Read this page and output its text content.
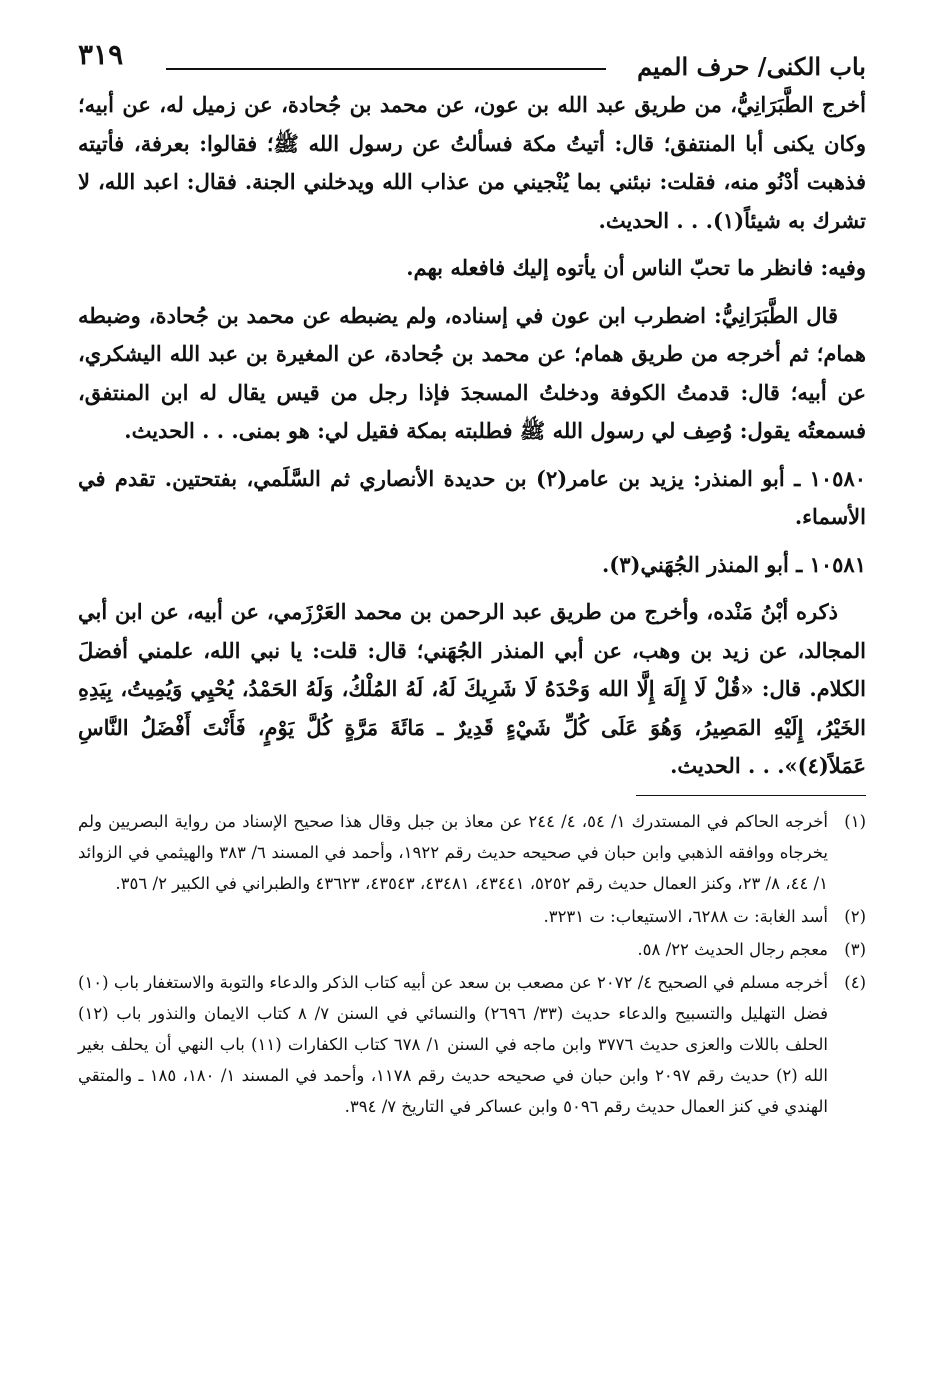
باب الكنى/ حرف الميم
٣١٩

أخرج الطَّبَرَانِيُّ، من طريق عبد الله بن عون، عن محمد بن جُحادة، عن زميل له، عن أبيه؛ وكان يكنى أبا المنتفق؛ قال: أتيتُ مكة فسألتُ عن رسول الله ﷺ؛ فقالوا: بعرفة، فأتيته فذهبت أدْنُو منه، فقلت: نبئني بما يُنْجيني من عذاب الله ويدخلني الجنة. فقال: اعبد الله، لا تشرك به شيئاً(١). . . الحديث.

وفيه: فانظر ما تحبّ الناس أن يأتوه إليك فافعله بهم.

قال الطَّبَرَانِيُّ: اضطرب ابن عون في إسناده، ولم يضبطه عن محمد بن جُحادة، وضبطه همام؛ ثم أخرجه من طريق همام؛ عن محمد بن جُحادة، عن المغيرة بن عبد الله اليشكري، عن أبيه؛ قال: قدمتُ الكوفة ودخلتُ المسجدَ فإذا رجل من قيس يقال له ابن المنتفق، فسمعتُه يقول: وُصِف لي رسول الله ﷺ فطلبته بمكة فقيل لي: هو بمنى. . . الحديث.

١٠٥٨٠ ـ أبو المنذر: يزيد بن عامر(٢) بن حديدة الأنصاري ثم السَّلَمي، بفتحتين. تقدم في الأسماء.

١٠٥٨١ ـ أبو المنذر الجُهَني(٣).

ذكره أبْنُ مَنْده، وأخرج من طريق عبد الرحمن بن محمد العَرْزَمي، عن أبيه، عن ابن أبي المجالد، عن زيد بن وهب، عن أبي المنذر الجُهَني؛ قال: قلت: يا نبي الله، علمني أفضلَ الكلام. قال: «قُلْ لَا إِلَهَ إِلَّا الله وَحْدَهُ لَا شَرِيكَ لَهُ، لَهُ المُلْكُ، وَلَهُ الحَمْدُ، يُحْيِي وَيُمِيتُ، بِيَدِهِ الخَيْرُ، إِلَيْهِ المَصِيرُ، وَهُوَ عَلَى كُلِّ شَيْءٍ قَدِيرٌ ـ مَائَةَ مَرَّةٍ كُلَّ يَوْمٍ، فَأَنْتَ أَفْضَلُ النَّاسِ عَمَلاً(٤)». . . الحديث.

(١)
أخرجه الحاكم في المستدرك ١/ ٥٤، ٤/ ٢٤٤ عن معاذ بن جبل وقال هذا صحيح الإسناد من رواية البصريين ولم يخرجاه ووافقه الذهبي وابن حبان في صحيحه حديث رقم ١٩٢٢، وأحمد في المسند ٦/ ٣٨٣ والهيثمي في الزوائد ١/ ٤٤، ٨/ ٢٣، وكنز العمال حديث رقم ٥٢٥٢، ٤٣٤٤١، ٤٣٤٨١، ٤٣٥٤٣، ٤٣٦٢٣ والطبراني في الكبير ٢/ ٣٥٦.

(٢)
أسد الغابة: ت ٦٢٨٨، الاستيعاب: ت ٣٢٣١.

(٣)
معجم رجال الحديث ٢٢/ ٥٨.

(٤)
أخرجه مسلم في الصحيح ٤/ ٢٠٧٢ عن مصعب بن سعد عن أبيه كتاب الذكر والدعاء والتوبة والاستغفار باب (١٠) فضل التهليل والتسبيح والدعاء حديث (٣٣/ ٢٦٩٦) والنسائي في السنن ٧/ ٨ كتاب الايمان والنذور باب (١٢) الحلف باللات والعزى حديث ٣٧٧٦ وابن ماجه في السنن ١/ ٦٧٨ كتاب الكفارات (١١) باب النهي أن يحلف بغير الله (٢) حديث رقم ٢٠٩٧ وابن حبان في صحيحه حديث رقم ١١٧٨، وأحمد في المسند ١/ ١٨٠، ١٨٥ ـ والمتقي الهندي في كنز العمال حديث رقم ٥٠٩٦ وابن عساكر في التاريخ ٧/ ٣٩٤.
